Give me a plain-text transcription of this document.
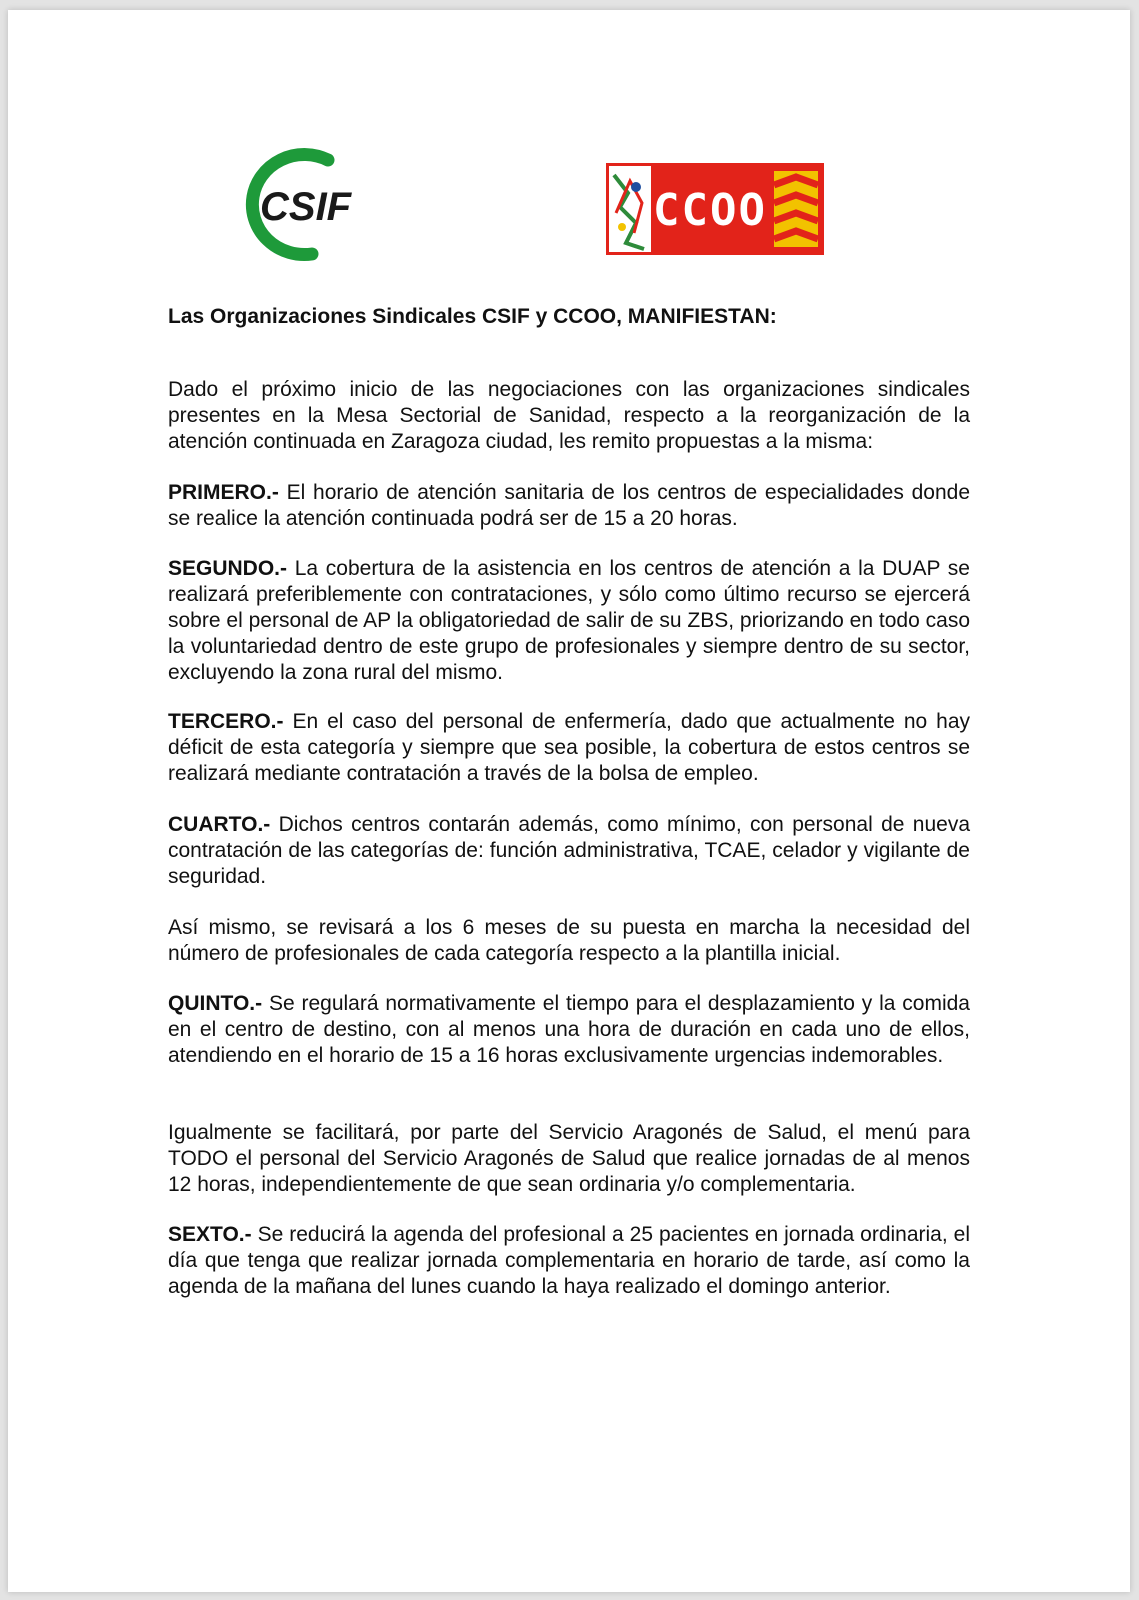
CSIF	CCOO
Las Organizaciones Sindicales CSIF y CCOO, MANIFIESTAN:

Dado el próximo inicio de las negociaciones con las organizaciones sindicales presentes en la Mesa Sectorial de Sanidad, respecto a la reorganización de la atención continuada en Zaragoza ciudad, les remito propuestas a la misma:

PRIMERO.- El horario de atención sanitaria de los centros de especialidades donde se realice la atención continuada podrá ser de 15 a 20 horas.

SEGUNDO.- La cobertura de la asistencia en los centros de atención a la DUAP se realizará preferiblemente con contrataciones, y sólo como último recurso se ejercerá sobre el personal de AP la obligatoriedad de salir de su ZBS, priorizando en todo caso la voluntariedad dentro de este grupo de profesionales y siempre dentro de su sector, excluyendo la zona rural del mismo.

TERCERO.- En el caso del personal de enfermería, dado que actualmente no hay déficit de esta categoría y siempre que sea posible, la cobertura de estos centros se realizará mediante contratación a través de la bolsa de empleo.

CUARTO.- Dichos centros contarán además, como mínimo, con personal de nueva contratación de las categorías de: función administrativa, TCAE, celador y vigilante de seguridad.

Así mismo, se revisará a los 6 meses de su puesta en marcha la necesidad del número de profesionales de cada categoría respecto a la plantilla inicial.

QUINTO.- Se regulará normativamente el tiempo para el desplazamiento y la comida en el centro de destino, con al menos una hora de duración en cada uno de ellos, atendiendo en el horario de 15 a 16 horas exclusivamente urgencias indemorables.

Igualmente se facilitará, por parte del Servicio Aragonés de Salud, el menú para TODO el personal del Servicio Aragonés de Salud que realice jornadas de al menos 12 horas, independientemente de que sean ordinaria y/o complementaria.

SEXTO.- Se reducirá la agenda del profesional a 25 pacientes en jornada ordinaria, el día que tenga que realizar jornada complementaria en horario de tarde, así como la agenda de la mañana del lunes cuando la haya realizado el domingo anterior.
